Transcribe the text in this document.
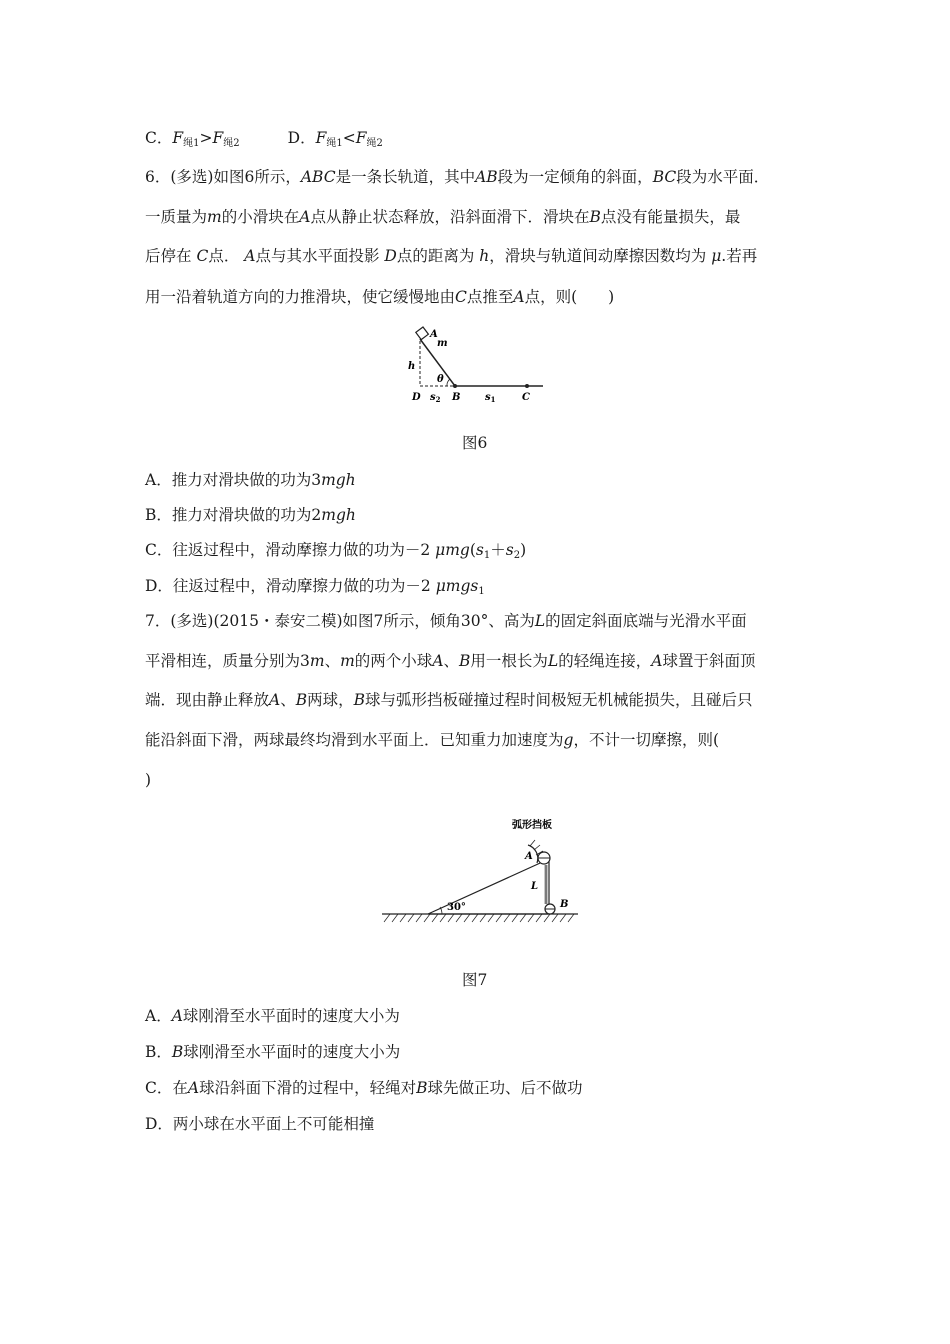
C．$F_{绳1}>F_{绳2}$	D．$F_{绳1}<F_{绳2}$
6．(多选)如图6所示，ABC是一条长轨道，其中AB段为一定倾角的斜面，BC段为水平面．
一质量为m的小滑块在A点从静止状态释放，沿斜面滑下．滑块在B点没有能量损失，最
后停在 C点． A点与其水平面投影 D点的距离为 h，滑块与轨道间动摩擦因数均为 μ.若再
用一沿着轨道方向的力推滑块，使它缓慢地由C点推至A点，则(　　)
A
m
h
θ
D $s_2$ B $s_1$	C
图6
A．推力对滑块做的功为3mgh
B．推力对滑块做的功为2mgh
C．往返过程中，滑动摩擦力做的功为－2 $\mu mg(s_1+s_2)$
D．往返过程中，滑动摩擦力做的功为－2 μmgs$_1$
7．(多选)(2015・泰安二模)如图7所示，倾角30°、高为L的固定斜面底端与光滑水平面
平滑相连，质量分别为3m、m的两个小球A、B用一根长为L的轻绳连接，A球置于斜面顶
端．现由静止释放A、B两球，B球与弧形挡板碰撞过程时间极短无机械能损失，且碰后只
能沿斜面下滑，两球最终均滑到水平面上．已知重力加速度为g，不计一切摩擦，则(
)
弧形挡板
A
L
B
30°
图7
A．A球刚滑至水平面时的速度大小为
B．B球刚滑至水平面时的速度大小为
C．在A球沿斜面下滑的过程中，轻绳对B球先做正功、后不做功
D．两小球在水平面上不可能相撞
